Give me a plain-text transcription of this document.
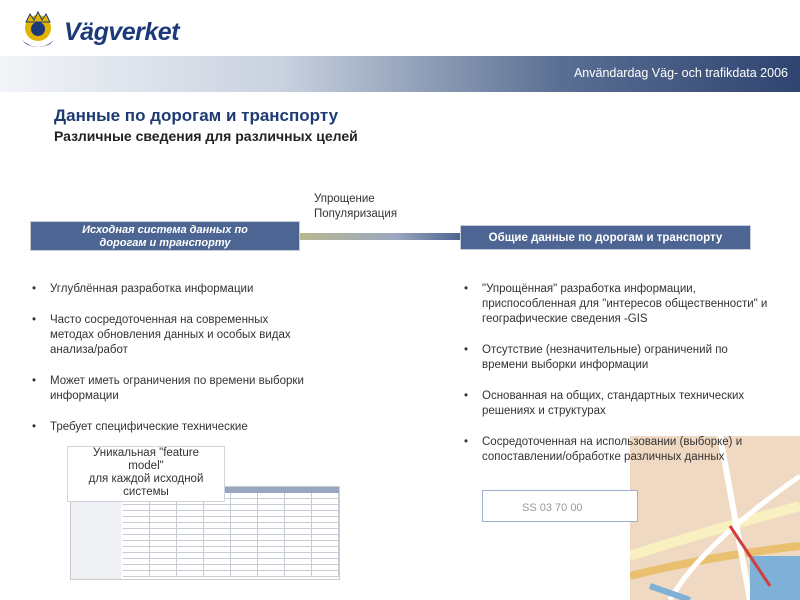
Vägverket
Användardag Väg- och trafikdata 2006
Данные по дорогам и транспорту
Различные сведения для различных целей
Упрощение
Популяризация
Исходная система данных по
дорогам и транспорту	Общие данные по дорогам и транспорту
• Углублённая разработка информации
• Часто сосредоточенная на современных методах обновления данных и особых видах анализа/работ
• Может иметь ограничения по времени выборки информации
• Требует специфические технические
Уникальная "feature
model"
для каждой исходной
системы
SS 03 70 00
• "Упрощённая" разработка информации, приспособленная для "интересов общественности" и географические сведения -GIS
• Отсутствие (незначительные) ограничений по времени выборки информации
• Основанная на общих, стандартных технических решениях и структурах
• Сосредоточенная на использовании (выборке) и сопоставлении/обработке различных данных
